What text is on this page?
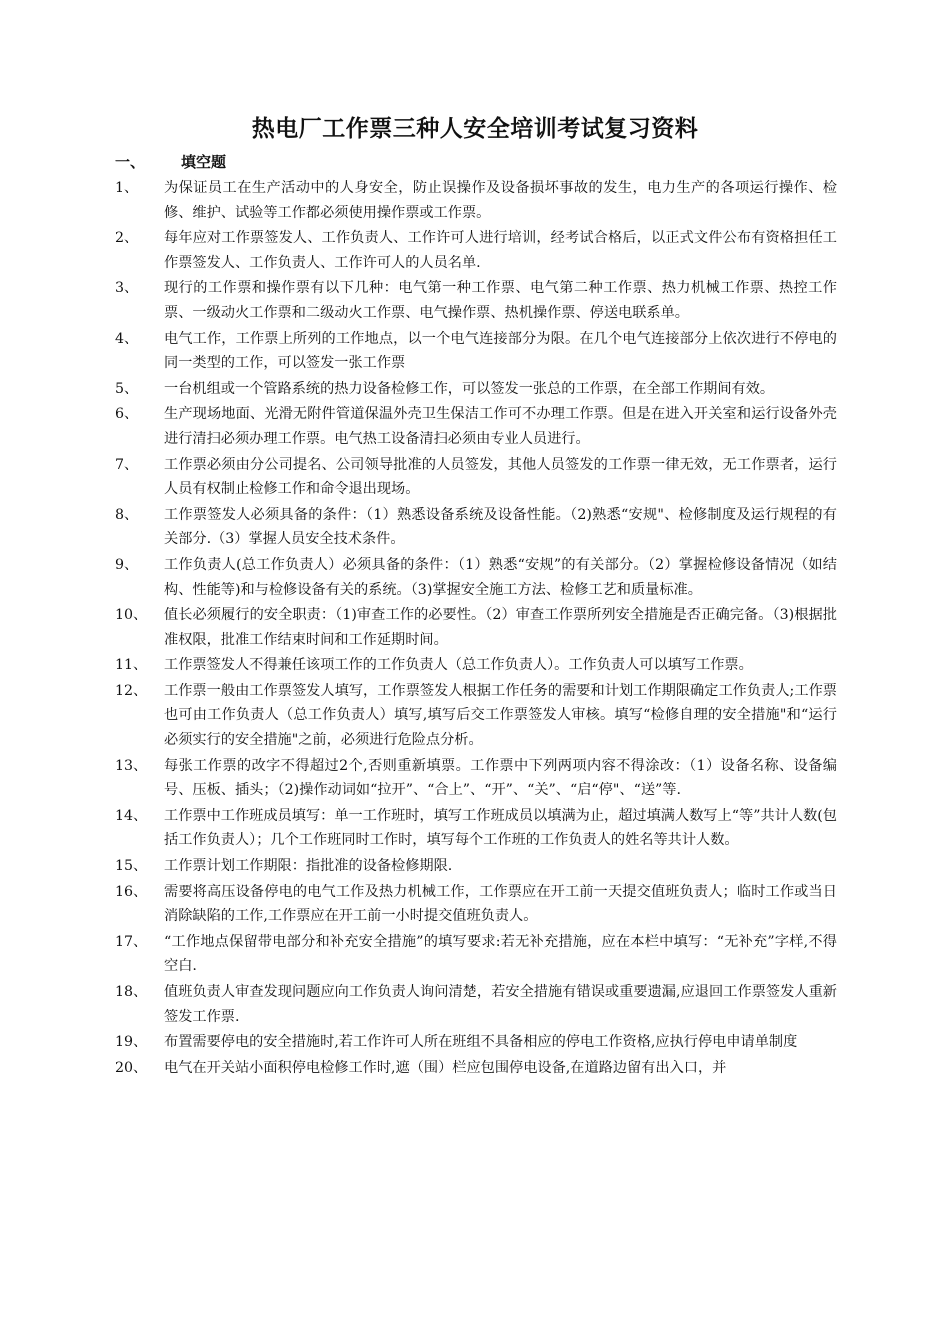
热电厂工作票三种人安全培训考试复习资料
一、 填空题
1、 为保证员工在生产活动中的人身安全，防止误操作及设备损坏事故的发生，电力生产的各项运行操作、检修、维护、试验等工作都必须使用操作票或工作票。
2、 每年应对工作票签发人、工作负责人、工作许可人进行培训，经考试合格后，以正式文件公布有资格担任工作票签发人、工作负责人、工作许可人的人员名单.
3、 现行的工作票和操作票有以下几种：电气第一种工作票、电气第二种工作票、热力机械工作票、热控工作票、一级动火工作票和二级动火工作票、电气操作票、热机操作票、停送电联系单。
4、 电气工作，工作票上所列的工作地点，以一个电气连接部分为限。在几个电气连接部分上依次进行不停电的同一类型的工作，可以签发一张工作票
5、 一台机组或一个管路系统的热力设备检修工作，可以签发一张总的工作票，在全部工作期间有效。
6、 生产现场地面、光滑无附件管道保温外壳卫生保洁工作可不办理工作票。但是在进入开关室和运行设备外壳进行清扫必须办理工作票。电气热工设备清扫必须由专业人员进行。
7、 工作票必须由分公司提名、公司领导批准的人员签发，其他人员签发的工作票一律无效，无工作票者，运行人员有权制止检修工作和命令退出现场。
8、 工作票签发人必须具备的条件：（1）熟悉设备系统及设备性能。（2)熟悉“安规"、检修制度及运行规程的有关部分.（3）掌握人员安全技术条件。
9、 工作负责人(总工作负责人）必须具备的条件：（1）熟悉“安规”的有关部分。（2）掌握检修设备情况（如结构、性能等)和与检修设备有关的系统。（3)掌握安全施工方法、检修工艺和质量标准。
10、 值长必须履行的安全职责：（1)审查工作的必要性。（2）审查工作票所列安全措施是否正确完备。（3)根据批准权限，批准工作结束时间和工作延期时间。
11、 工作票签发人不得兼任该项工作的工作负责人（总工作负责人）。工作负责人可以填写工作票。
12、 工作票一般由工作票签发人填写，工作票签发人根据工作任务的需要和计划工作期限确定工作负责人;工作票也可由工作负责人（总工作负责人）填写,填写后交工作票签发人审核。填写“检修自理的安全措施"和“运行必须实行的安全措施"之前，必须进行危险点分析。
13、 每张工作票的改字不得超过2个,否则重新填票。工作票中下列两项内容不得涂改：（1）设备名称、设备编号、压板、插头；（2)操作动词如“拉开”、“合上”、“开”、“关”、“启“停"、“送”等.
14、 工作票中工作班成员填写：单一工作班时，填写工作班成员以填满为止，超过填满人数写上“等”共计人数(包括工作负责人）；几个工作班同时工作时，填写每个工作班的工作负责人的姓名等共计人数。
15、 工作票计划工作期限：指批准的设备检修期限.
16、 需要将高压设备停电的电气工作及热力机械工作，工作票应在开工前一天提交值班负责人；临时工作或当日消除缺陷的工作,工作票应在开工前一小时提交值班负责人。
17、 “工作地点保留带电部分和补充安全措施”的填写要求:若无补充措施，应在本栏中填写：“无补充”字样,不得空白.
18、 值班负责人审查发现问题应向工作负责人询问清楚，若安全措施有错误或重要遗漏,应退回工作票签发人重新签发工作票.
19、 布置需要停电的安全措施时,若工作许可人所在班组不具备相应的停电工作资格,应执行停电申请单制度
20、 电气在开关站小面积停电检修工作时,遮（围）栏应包围停电设备,在道路边留有出入口，并
